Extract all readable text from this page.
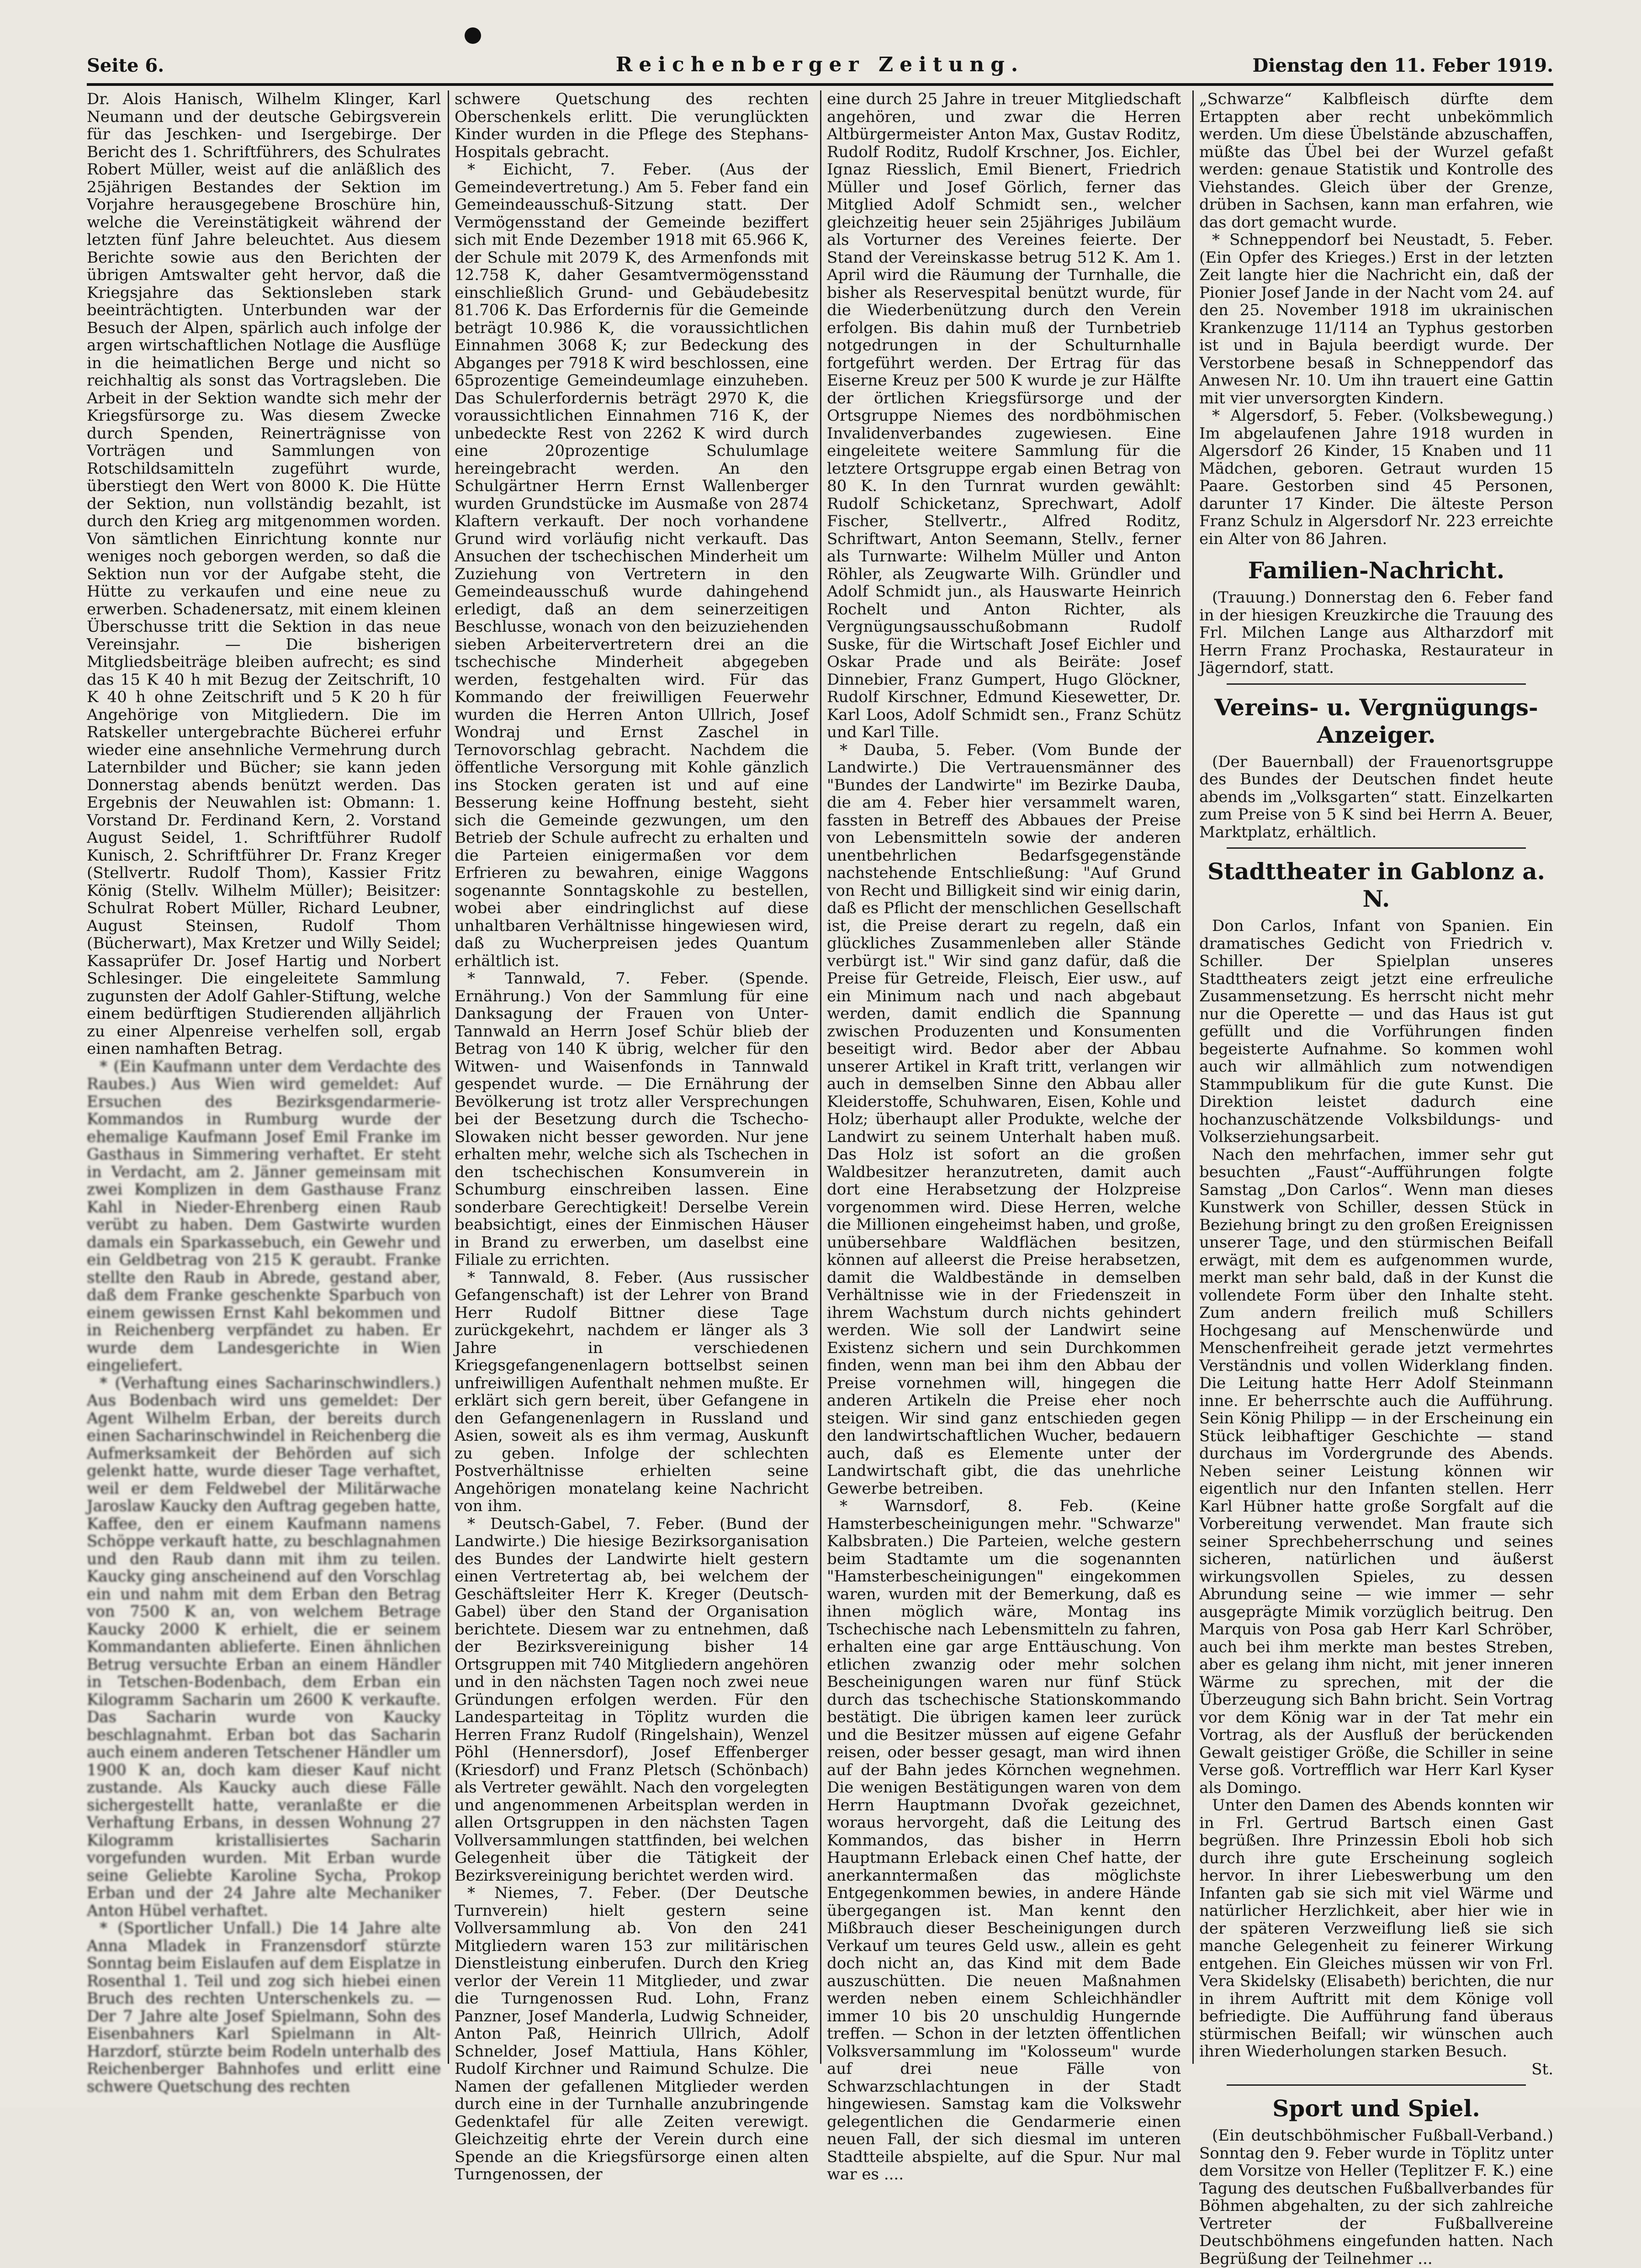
Seite 6.	Reichenberger Zeitung.	Dienstag den 11. Feber 1919.

Dr. Alois Hanisch, Wilhelm Klinger, Karl Neumann und der deutsche Gebirgsverein für das Jeschken- und Isergebirge. Der Bericht des 1. Schriftführers, des Schulrates Robert Müller, weist auf die anläßlich des 25jährigen Bestandes der Sektion im Vorjahre herausgegebene Broschüre hin, welche die Vereinstätigkeit während der letzten fünf Jahre beleuchtet. Aus diesem Berichte sowie aus den Berichten der übrigen Amtswalter geht hervor, daß die Kriegsjahre das Sektionsleben stark beeinträchtigten. Unterbunden war der Besuch der Alpen, spärlich auch infolge der argen wirtschaftlichen Notlage die Ausflüge in die heimatlichen Berge und nicht so reichhaltig als sonst das Vortragsleben. Die Arbeit in der Sektion wandte sich mehr der Kriegsfürsorge zu. Was diesem Zwecke durch Spenden, Reinerträgnisse von Vorträgen und Sammlungen von Rotschildsamitteln zugeführt wurde, überstiegt den Wert von 8000 K. Die Hütte der Sektion, nun vollständig bezahlt, ist durch den Krieg arg mitgenommen worden. Von sämtlichen Einrichtung konnte nur weniges noch geborgen werden, so daß die Sektion nun vor der Aufgabe steht, die Hütte zu verkaufen und eine neue zu erwerben. Schadenersatz, mit einem kleinen Überschusse tritt die Sektion in das neue Vereinsjahr. — Die bisherigen Mitgliedsbeiträge bleiben aufrecht; es sind das 15 K 40 h mit Bezug der Zeitschrift, 10 K 40 h ohne Zeitschrift und 5 K 20 h für Angehörige von Mitgliedern. Die im Ratskeller untergebrachte Bücherei erfuhr wieder eine ansehnliche Vermehrung durch Laternbilder und Bücher; sie kann jeden Donnerstag abends benützt werden. Das Ergebnis der Neuwahlen ist: Obmann: 1. Vorstand Dr. Ferdinand Kern, 2. Vorstand August Seidel, 1. Schriftführer Rudolf Kunisch, 2. Schriftführer Dr. Franz Kreger (Stellvertr. Rudolf Thom), Kassier Fritz König (Stellv. Wilhelm Müller); Beisitzer: Schulrat Robert Müller, Richard Leubner, August Steinsen, Rudolf Thom (Bücherwart), Max Kretzer und Willy Seidel; Kassaprüfer Dr. Josef Hartig und Norbert Schlesinger. Die eingeleitete Sammlung zugunsten der Adolf Gahler-Stiftung, welche einem bedürftigen Studierenden alljährlich zu einer Alpenreise verhelfen soll, ergab einen namhaften Betrag.

* (Ein Kaufmann unter dem Verdachte des Raubes.) Aus Wien wird gemeldet: Auf Ersuchen des Bezirksgendarmerie-Kommandos in Rumburg wurde der ehemalige Kaufmann Josef Emil Franke im Gasthaus in Simmering verhaftet. Er steht in Verdacht, am 2. Jänner gemeinsam mit zwei Komplizen in dem Gasthause Franz Kahl in Nieder-Ehrenberg einen Raub verübt zu haben. Dem Gastwirte wurden damals ein Sparkassebuch, ein Gewehr und ein Geldbetrag von 215 K geraubt. Franke stellte den Raub in Abrede, gestand aber, daß dem Franke geschenkte Sparbuch von einem gewissen Ernst Kahl bekommen und in Reichenberg verpfändet zu haben. Er wurde dem Landesgerichte in Wien eingeliefert.

* (Verhaftung eines Sacharinschwindlers.) Aus Bodenbach wird uns gemeldet: Der Agent Wilhelm Erban, der bereits durch einen Sacharinschwindel in Reichenberg die Aufmerksamkeit der Behörden auf sich gelenkt hatte, wurde dieser Tage verhaftet, weil er dem Feldwebel der Militärwache Jaroslaw Kaucky den Auftrag gegeben hatte, Kaffee, den er einem Kaufmann namens Schöppe verkauft hatte, zu beschlagnahmen und den Raub dann mit ihm zu teilen. Kaucky ging anscheinend auf den Vorschlag ein und nahm mit dem Erban den Betrag von 7500 K an, von welchem Betrage Kaucky 2000 K erhielt, die er seinem Kommandanten ablieferte. Einen ähnlichen Betrug versuchte Erban an einem Händler in Tetschen-Bodenbach, dem Erban ein Kilogramm Sacharin um 2600 K verkaufte. Das Sacharin wurde von Kaucky beschlagnahmt. Erban bot das Sacharin auch einem anderen Tetschener Händler um 1900 K an, doch kam dieser Kauf nicht zustande. Als Kaucky auch diese Fälle sichergestellt hatte, veranlaßte er die Verhaftung Erbans, in dessen Wohnung 27 Kilogramm kristallisiertes Sacharin vorgefunden wurden. Mit Erban wurde seine Geliebte Karoline Sycha, Prokop Erban und der 24 Jahre alte Mechaniker Anton Hübel verhaftet.

* (Sportlicher Unfall.) Die 14 Jahre alte Anna Mladek in Franzensdorf stürzte Sonntag beim Eislaufen auf dem Eisplatze in Rosenthal 1. Teil und zog sich hiebei einen Bruch des rechten Unterschenkels zu. — Der 7 Jahre alte Josef Spielmann, Sohn des Eisenbahners Karl Spielmann in Alt-Harzdorf, stürzte beim Rodeln unterhalb des Reichenberger Bahnhofes und erlitt eine schwere Quetschung des rechten

schwere Quetschung des rechten Oberschenkels erlitt. Die verunglückten Kinder wurden in die Pflege des Stephans-Hospitals gebracht.

* Eichicht, 7. Feber. (Aus der Gemeindevertretung.) Am 5. Feber fand ein Gemeindeausschuß-Sitzung statt. Der Vermögensstand der Gemeinde beziffert sich mit Ende Dezember 1918 mit 65.966 K, der Schule mit 2079 K, des Armenfonds mit 12.758 K, daher Gesamtvermögensstand einschließlich Grund- und Gebäudebesitz 81.706 K. Das Erfordernis für die Gemeinde beträgt 10.986 K, die voraussichtlichen Einnahmen 3068 K; zur Bedeckung des Abganges per 7918 K wird beschlossen, eine 65prozentige Gemeindeumlage einzuheben. Das Schulerfordernis beträgt 2970 K, die voraussichtlichen Einnahmen 716 K, der unbedeckte Rest von 2262 K wird durch eine 20prozentige Schulumlage hereingebracht werden. An den Schulgärtner Herrn Ernst Wallenberger wurden Grundstücke im Ausmaße von 2874 Klaftern verkauft. Der noch vorhandene Grund wird vorläufig nicht verkauft. Das Ansuchen der tschechischen Minderheit um Zuziehung von Vertretern in den Gemeindeausschuß wurde dahingehend erledigt, daß an dem seinerzeitigen Beschlusse, wonach von den beizuziehenden sieben Arbeitervertretern drei an die tschechische Minderheit abgegeben werden, festgehalten wird. Für das Kommando der freiwilligen Feuerwehr wurden die Herren Anton Ullrich, Josef Wondraj und Ernst Zaschel in Ternovorschlag gebracht. Nachdem die öffentliche Versorgung mit Kohle gänzlich ins Stocken geraten ist und auf eine Besserung keine Hoffnung besteht, sieht sich die Gemeinde gezwungen, um den Betrieb der Schule aufrecht zu erhalten und die Parteien einigermaßen vor dem Erfrieren zu bewahren, einige Waggons sogenannte Sonntagskohle zu bestellen, wobei aber eindringlichst auf diese unhaltbaren Verhältnisse hingewiesen wird, daß zu Wucherpreisen jedes Quantum erhältlich ist.

* Tannwald, 7. Feber. (Spende. Ernährung.) Von der Sammlung für eine Danksagung der Frauen von Unter-Tannwald an Herrn Josef Schür blieb der Betrag von 140 K übrig, welcher für den Witwen- und Waisenfonds in Tannwald gespendet wurde. — Die Ernährung der Bevölkerung ist trotz aller Versprechungen bei der Besetzung durch die Tschecho-Slowaken nicht besser geworden. Nur jene erhalten mehr, welche sich als Tschechen in den tschechischen Konsumverein in Schumburg einschreiben lassen. Eine sonderbare Gerechtigkeit! Derselbe Verein beabsichtigt, eines der Einmischen Häuser in Brand zu erwerben, um daselbst eine Filiale zu errichten.

* Tannwald, 8. Feber. (Aus russischer Gefangenschaft) ist der Lehrer von Brand Herr Rudolf Bittner diese Tage zurückgekehrt, nachdem er länger als 3 Jahre in verschiedenen Kriegsgefangenenlagern bottselbst seinen unfreiwilligen Aufenthalt nehmen mußte. Er erklärt sich gern bereit, über Gefangene in den Gefangenenlagern in Russland und Asien, soweit als es ihm vermag, Auskunft zu geben. Infolge der schlechten Postverhältnisse erhielten seine Angehörigen monatelang keine Nachricht von ihm.

* Deutsch-Gabel, 7. Feber. (Bund der Landwirte.) Die hiesige Bezirksorganisation des Bundes der Landwirte hielt gestern einen Vertretertag ab, bei welchem der Geschäftsleiter Herr K. Kreger (Deutsch-Gabel) über den Stand der Organisation berichtete. Diesem war zu entnehmen, daß der Bezirksvereinigung bisher 14 Ortsgruppen mit 740 Mitgliedern angehören und in den nächsten Tagen noch zwei neue Gründungen erfolgen werden. Für den Landesparteitag in Töplitz wurden die Herren Franz Rudolf (Ringelshain), Wenzel Pöhl (Hennersdorf), Josef Effenberger (Kriesdorf) und Franz Pletsch (Schönbach) als Vertreter gewählt. Nach den vorgelegten und angenommenen Arbeitsplan werden in allen Ortsgruppen in den nächsten Tagen Vollversammlungen stattfinden, bei welchen Gelegenheit über die Tätigkeit der Bezirksvereinigung berichtet werden wird.

* Niemes, 7. Feber. (Der Deutsche Turnverein) hielt gestern seine Vollversammlung ab. Von den 241 Mitgliedern waren 153 zur militärischen Dienstleistung einberufen. Durch den Krieg verlor der Verein 11 Mitglieder, und zwar die Turngenossen Rud. Lohn, Franz Panzner, Josef Manderla, Ludwig Schneider, Anton Paß, Heinrich Ullrich, Adolf Schnelder, Josef Mattiula, Hans Köhler, Rudolf Kirchner und Raimund Schulze. Die Namen der gefallenen Mitglieder werden durch eine in der Turnhalle anzubringende Gedenktafel für alle Zeiten verewigt. Gleichzeitig ehrte der Verein durch eine Spende an die Kriegsfürsorge einen alten Turngenossen, der

eine durch 25 Jahre in treuer Mitgliedschaft angehören, und zwar die Herren Altbürgermeister Anton Max, Gustav Roditz, Rudolf Roditz, Rudolf Krschner, Jos. Eichler, Ignaz Riesslich, Emil Bienert, Friedrich Müller und Josef Görlich, ferner das Mitglied Adolf Schmidt sen., welcher gleichzeitig heuer sein 25jähriges Jubiläum als Vorturner des Vereines feierte. Der Stand der Vereinskasse betrug 512 K. Am 1. April wird die Räumung der Turnhalle, die bisher als Reservespital benützt wurde, für die Wiederbenützung durch den Verein erfolgen. Bis dahin muß der Turnbetrieb notgedrungen in der Schulturnhalle fortgeführt werden. Der Ertrag für das Eiserne Kreuz per 500 K wurde je zur Hälfte der örtlichen Kriegsfürsorge und der Ortsgruppe Niemes des nordböhmischen Invalidenverbandes zugewiesen. Eine eingeleitete weitere Sammlung für die letztere Ortsgruppe ergab einen Betrag von 80 K. In den Turnrat wurden gewählt: Rudolf Schicketanz, Sprechwart, Adolf Fischer, Stellvertr., Alfred Roditz, Schriftwart, Anton Seemann, Stellv., ferner als Turnwarte: Wilhelm Müller und Anton Röhler, als Zeugwarte Wilh. Gründler und Adolf Schmidt jun., als Hauswarte Heinrich Rochelt und Anton Richter, als Vergnügungsausschußobmann Rudolf Suske, für die Wirtschaft Josef Eichler und Oskar Prade und als Beiräte: Josef Dinnebier, Franz Gumpert, Hugo Glöckner, Rudolf Kirschner, Edmund Kiesewetter, Dr. Karl Loos, Adolf Schmidt sen., Franz Schütz und Karl Tille.

* Dauba, 5. Feber. (Vom Bunde der Landwirte.) Die Vertrauensmänner des "Bundes der Landwirte" im Bezirke Dauba, die am 4. Feber hier versammelt waren, fassten in Betreff des Abbaues der Preise von Lebensmitteln sowie der anderen unentbehrlichen Bedarfsgegenstände nachstehende Entschließung: "Auf Grund von Recht und Billigkeit sind wir einig darin, daß es Pflicht der menschlichen Gesellschaft ist, die Preise derart zu regeln, daß ein glückliches Zusammenleben aller Stände verbürgt ist." Wir sind ganz dafür, daß die Preise für Getreide, Fleisch, Eier usw., auf ein Minimum nach und nach abgebaut werden, damit endlich die Spannung zwischen Produzenten und Konsumenten beseitigt wird. Bedor aber der Abbau unserer Artikel in Kraft tritt, verlangen wir auch in demselben Sinne den Abbau aller Kleiderstoffe, Schuhwaren, Eisen, Kohle und Holz; überhaupt aller Produkte, welche der Landwirt zu seinem Unterhalt haben muß. Das Holz ist sofort an die großen Waldbesitzer heranzutreten, damit auch dort eine Herabsetzung der Holzpreise vorgenommen wird. Diese Herren, welche die Millionen eingeheimst haben, und große, unübersehbare Waldflächen besitzen, können auf alleerst die Preise herabsetzen, damit die Waldbestände in demselben Verhältnisse wie in der Friedenszeit in ihrem Wachstum durch nichts gehindert werden. Wie soll der Landwirt seine Existenz sichern und sein Durchkommen finden, wenn man bei ihm den Abbau der Preise vornehmen will, hingegen die anderen Artikeln die Preise eher noch steigen. Wir sind ganz entschieden gegen den landwirtschaftlichen Wucher, bedauern auch, daß es Elemente unter der Landwirtschaft gibt, die das unehrliche Gewerbe betreiben.

* Warnsdorf, 8. Feb. (Keine Hamsterbescheinigungen mehr. "Schwarze" Kalbsbraten.) Die Parteien, welche gestern beim Stadtamte um die sogenannten "Hamsterbescheinigungen" eingekommen waren, wurden mit der Bemerkung, daß es ihnen möglich wäre, Montag ins Tschechische nach Lebensmitteln zu fahren, erhalten eine gar arge Enttäuschung. Von etlichen zwanzig oder mehr solchen Bescheinigungen waren nur fünf Stück durch das tschechische Stationskommando bestätigt. Die übrigen kamen leer zurück und die Besitzer müssen auf eigene Gefahr reisen, oder besser gesagt, man wird ihnen auf der Bahn jedes Körnchen wegnehmen. Die wenigen Bestätigungen waren von dem Herrn Hauptmann Dvořak gezeichnet, woraus hervorgeht, daß die Leitung des Kommandos, das bisher in Herrn Hauptmann Erleback einen Chef hatte, der anerkanntermaßen das möglichste Entgegenkommen bewies, in andere Hände übergegangen ist. Man kennt den Mißbrauch dieser Bescheinigungen durch Verkauf um teures Geld usw., allein es geht doch nicht an, das Kind mit dem Bade auszuschütten. Die neuen Maßnahmen werden neben einem Schleichhändler immer 10 bis 20 unschuldig Hungernde treffen. — Schon in der letzten öffentlichen Volksversammlung im "Kolosseum" wurde auf drei neue Fälle von Schwarzschlachtungen in der Stadt hingewiesen. Samstag kam die Volkswehr gelegentlichen die Gendarmerie einen neuen Fall, der sich diesmal im unteren Stadtteile abspielte, auf die Spur. Nur mal war es ....

„Schwarze“ Kalbfleisch dürfte dem Ertappten aber recht unbekömmlich werden. Um diese Übelstände abzuschaffen, müßte das Übel bei der Wurzel gefaßt werden: genaue Statistik und Kontrolle des Viehstandes. Gleich über der Grenze, drüben in Sachsen, kann man erfahren, wie das dort gemacht wurde.

* Schneppendorf bei Neustadt, 5. Feber. (Ein Opfer des Krieges.) Erst in der letzten Zeit langte hier die Nachricht ein, daß der Pionier Josef Jande in der Nacht vom 24. auf den 25. November 1918 im ukrainischen Krankenzuge 11/114 an Typhus gestorben ist und in Bajula beerdigt wurde. Der Verstorbene besaß in Schneppendorf das Anwesen Nr. 10. Um ihn trauert eine Gattin mit vier unversorgten Kindern.

* Algersdorf, 5. Feber. (Volksbewegung.) Im abgelaufenen Jahre 1918 wurden in Algersdorf 26 Kinder, 15 Knaben und 11 Mädchen, geboren. Getraut wurden 15 Paare. Gestorben sind 45 Personen, darunter 17 Kinder. Die älteste Person Franz Schulz in Algersdorf Nr. 223 erreichte ein Alter von 86 Jahren.

Familien-Nachricht.

(Trauung.) Donnerstag den 6. Feber fand in der hiesigen Kreuzkirche die Trauung des Frl. Milchen Lange aus Altharzdorf mit Herrn Franz Prochaska, Restaurateur in Jägerndorf, statt.

Vereins- u. Vergnügungs-Anzeiger.

(Der Bauernball) der Frauenortsgruppe des Bundes der Deutschen findet heute abends im „Volksgarten“ statt. Einzelkarten zum Preise von 5 K sind bei Herrn A. Beuer, Marktplatz, erhältlich.

Stadttheater in Gablonz a. N.

Don Carlos, Infant von Spanien. Ein dramatisches Gedicht von Friedrich v. Schiller. Der Spielplan unseres Stadttheaters zeigt jetzt eine erfreuliche Zusammensetzung. Es herrscht nicht mehr nur die Operette — und das Haus ist gut gefüllt und die Vorführungen finden begeisterte Aufnahme. So kommen wohl auch wir allmählich zum notwendigen Stammpublikum für die gute Kunst. Die Direktion leistet dadurch eine hochanzuschätzende Volksbildungs- und Volkserziehungsarbeit.

Nach den mehrfachen, immer sehr gut besuchten „Faust“-Aufführungen folgte Samstag „Don Carlos“. Wenn man dieses Kunstwerk von Schiller, dessen Stück in Beziehung bringt zu den großen Ereignissen unserer Tage, und den stürmischen Beifall erwägt, mit dem es aufgenommen wurde, merkt man sehr bald, daß in der Kunst die vollendete Form über den Inhalte steht. Zum andern freilich muß Schillers Hochgesang auf Menschenwürde und Menschenfreiheit gerade jetzt vermehrtes Verständnis und vollen Widerklang finden. Die Leitung hatte Herr Adolf Steinmann inne. Er beherrschte auch die Aufführung. Sein König Philipp — in der Erscheinung ein Stück leibhaftiger Geschichte — stand durchaus im Vordergrunde des Abends. Neben seiner Leistung können wir eigentlich nur den Infanten stellen. Herr Karl Hübner hatte große Sorgfalt auf die Vorbereitung verwendet. Man fraute sich seiner Sprechbeherrschung und seines sicheren, natürlichen und äußerst wirkungsvollen Spieles, zu dessen Abrundung seine — wie immer — sehr ausgeprägte Mimik vorzüglich beitrug. Den Marquis von Posa gab Herr Karl Schröber, auch bei ihm merkte man bestes Streben, aber es gelang ihm nicht, mit jener inneren Wärme zu sprechen, mit der die Überzeugung sich Bahn bricht. Sein Vortrag vor dem König war in der Tat mehr ein Vortrag, als der Ausfluß der berückenden Gewalt geistiger Größe, die Schiller in seine Verse goß. Vortrefflich war Herr Karl Kyser als Domingo.

Unter den Damen des Abends konnten wir in Frl. Gertrud Bartsch einen Gast begrüßen. Ihre Prinzessin Eboli hob sich durch ihre gute Erscheinung sogleich hervor. In ihrer Liebeswerbung um den Infanten gab sie sich mit viel Wärme und natürlicher Herzlichkeit, aber hier wie in der späteren Verzweiflung ließ sie sich manche Gelegenheit zu feinerer Wirkung entgehen. Ein Gleiches müssen wir von Frl. Vera Skidelsky (Elisabeth) berichten, die nur in ihrem Auftritt mit dem Könige voll befriedigte. Die Aufführung fand überaus stürmischen Beifall; wir wünschen auch ihren Wiederholungen starken Besuch.

St.

Sport und Spiel.

(Ein deutschböhmischer Fußball-Verband.) Sonntag den 9. Feber wurde in Töplitz unter dem Vorsitze von Heller (Teplitzer F. K.) eine Tagung des deutschen Fußballverbandes für Böhmen abgehalten, zu der sich zahlreiche Vertreter der Fußballvereine Deutschböhmens eingefunden hatten. Nach Begrüßung der Teilnehmer ...
